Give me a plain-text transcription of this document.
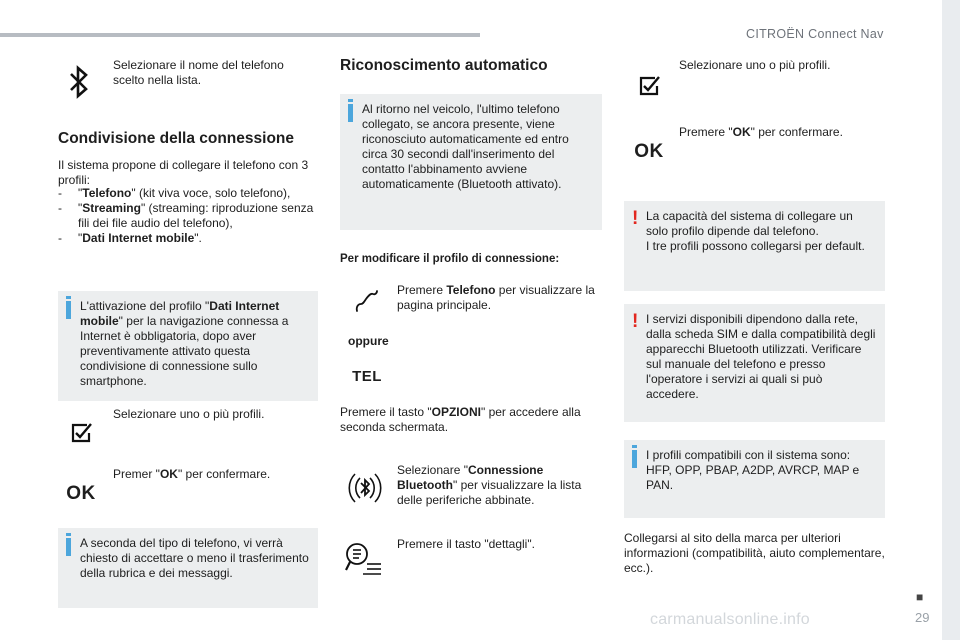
CITROËN Connect Nav
■
29
carmanualsonline.info
Selezionare il nome del telefono scelto nella lista.
Condivisione della connessione
Il sistema propone di collegare il telefono con 3 profili:
-	"Telefono" (kit viva voce, solo telefono),
-	"Streaming" (streaming: riproduzione senza fili dei file audio del telefono),
-	"Dati Internet mobile".
L'attivazione del profilo "Dati Internet mobile" per la navigazione connessa a Internet è obbligatoria, dopo aver preventivamente attivato questa condivisione di connessione sullo smartphone.
Selezionare uno o più profili.
OK
Premer "OK" per confermare.
A seconda del tipo di telefono, vi verrà chiesto di accettare o meno il trasferimento della rubrica e dei messaggi.
Riconoscimento automatico
Al ritorno nel veicolo, l'ultimo telefono collegato, se ancora presente, viene riconosciuto automaticamente ed entro circa 30 secondi dall'inserimento del contatto l'abbinamento avviene automaticamente (Bluetooth attivato).
Per modificare il profilo di connessione:
Premere Telefono per visualizzare la pagina principale.
oppure
TEL
Premere il tasto "OPZIONI" per accedere alla seconda schermata.
Selezionare "Connessione Bluetooth" per visualizzare la lista delle periferiche abbinate.
Premere il tasto "dettagli".
Selezionare uno o più profili.
OK
Premere "OK" per confermare.
! La capacità del sistema di collegare un solo profilo dipende dal telefono.
I tre profili possono collegarsi per default.
! I servizi disponibili dipendono dalla rete, dalla scheda SIM e dalla compatibilità degli apparecchi Bluetooth utilizzati. Verificare sul manuale del telefono e presso l'operatore i servizi ai quali si può accedere.
I profili compatibili con il sistema sono: HFP, OPP, PBAP, A2DP, AVRCP, MAP e PAN.
Collegarsi al sito della marca per ulteriori informazioni (compatibilità, aiuto complementare, ecc.).
